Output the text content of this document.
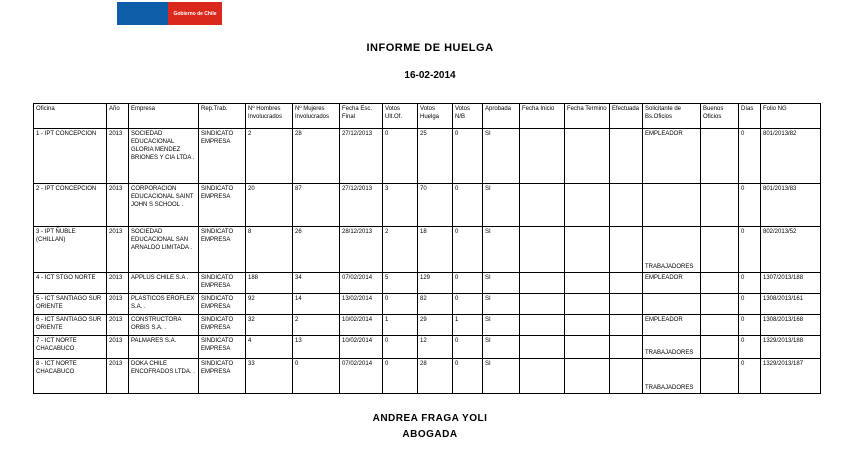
Gobierno de Chile
INFORME DE HUELGA
16-02-2014
Oficina	Año	Empresa	Rep.Trab.	Nº Hombres Involucrados	Nº Mujeres Involucrados	Fecha Esc. Final	Votos Ult.Of.	Votos Huelga	Votos N/B	Aprobada	Fecha Inicio	Fecha Termino	Efectuada	Solicitante de Bs.Oficios	Buenos Oficios	Días	Folio NG
1 - IPT CONCEPCION	2013	SOCIEDAD EDUCACIONAL GLORIA MENDEZ BRIONES Y CIA LTDA .	SINDICATO EMPRESA	2	28	27/12/2013	0	25	0	SI				EMPLEADOR		0	801/2013/82
2 - IPT CONCEPCION	2013	CORPORACION EDUCACIONAL SAINT JOHN S SCHOOL .	SINDICATO EMPRESA	20	87	27/12/2013	3	70	0	SI						0	801/2013/83
3 - IPT ÑUBLE (CHILLAN)	2013	SOCIEDAD EDUCACIONAL SAN ARNALDO LIMITADA .	SINDICATO EMPRESA	8	26	28/12/2013	2	18	0	SI				TRABAJADORES		0	802/2013/52
4 - ICT STGO NORTE	2013	APPLUS CHILE S.A .	SINDICATO EMPRESA	188	34	07/02/2014	5	129	0	SI				EMPLEADOR		0	1307/2013/188
5 - ICT SANTIAGO SUR ORIENTE	2013	PLASTICOS EROFLEX S.A. .	SINDICATO EMPRESA	92	14	13/02/2014	0	82	0	SI						0	1308/2013/161
6 - ICT SANTIAGO SUR ORIENTE	2013	CONSTRUCTORA ORBIS S.A. .	SINDICATO EMPRESA	32	2	10/02/2014	1	29	1	SI				EMPLEADOR		0	1308/2013/168
7 - ICT NORTE CHACABUCO	2013	PALMARES S.A.	SINDICATO EMPRESA	4	13	10/02/2014	0	12	0	SI				TRABAJADORES		0	1329/2013/188
8 - ICT NORTE CHACABUCO	2013	DOKA CHILE ENCOFRADOS LTDA. .	SINDICATO EMPRESA	33	0	07/02/2014	0	28	0	SI				TRABAJADORES		0	1329/2013/187
ANDREA FRAGA YOLI
ABOGADA
